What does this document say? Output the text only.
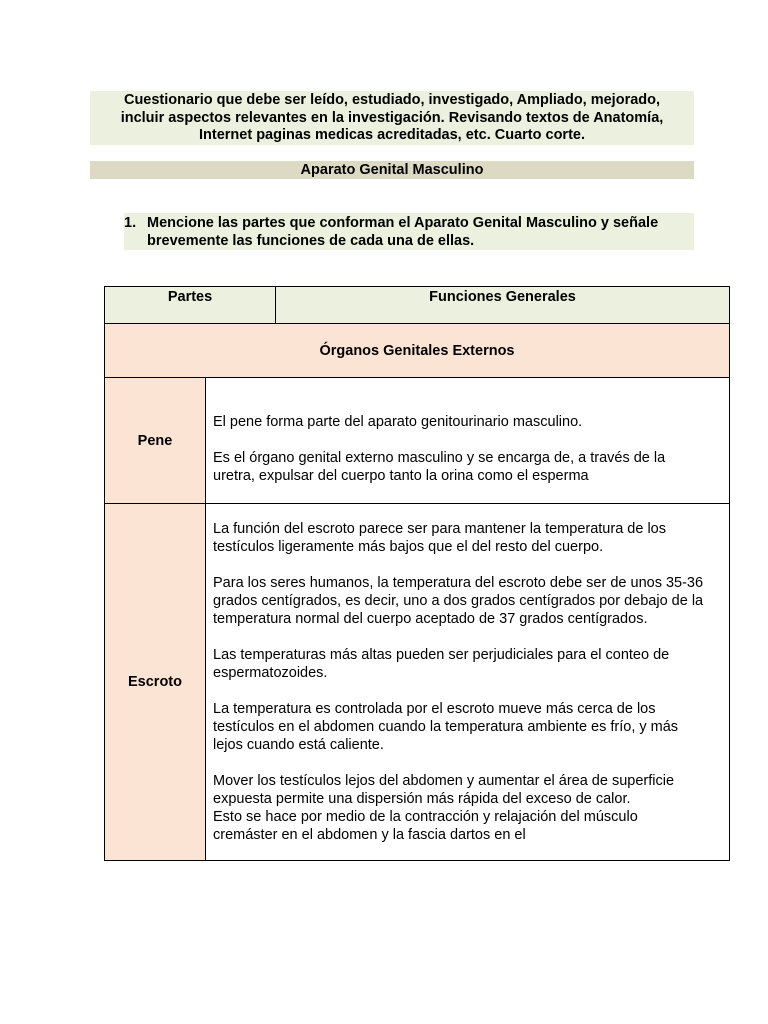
Cuestionario que debe ser leído, estudiado, investigado, Ampliado, mejorado,
incluir aspectos relevantes en la investigación. Revisando textos de Anatomía,
Internet paginas medicas acreditadas, etc. Cuarto corte.
Aparato Genital Masculino
1. Mencione las partes que conforman el Aparato Genital Masculino y señale
brevemente las funciones de cada una de ellas.
Partes	Funciones Generales
Órganos Genitales Externos
Pene

El pene forma parte del aparato genitourinario masculino.

Es el órgano genital externo masculino y se encarga de, a través de la
uretra, expulsar del cuerpo tanto la orina como el esperma

Escroto

La función del escroto parece ser para mantener la temperatura de los
testículos ligeramente más bajos que el del resto del cuerpo.

Para los seres humanos, la temperatura del escroto debe ser de unos 35-36
grados centígrados, es decir, uno a dos grados centígrados por debajo de la
temperatura normal del cuerpo aceptado de 37 grados centígrados.

Las temperaturas más altas pueden ser perjudiciales para el conteo de
espermatozoides.

La temperatura es controlada por el escroto mueve más cerca de los
testículos en el abdomen cuando la temperatura ambiente es frío, y más
lejos cuando está caliente.

Mover los testículos lejos del abdomen y aumentar el área de superficie
expuesta permite una dispersión más rápida del exceso de calor.
Esto se hace por medio de la contracción y relajación del músculo
cremáster en el abdomen y la fascia dartos en el
